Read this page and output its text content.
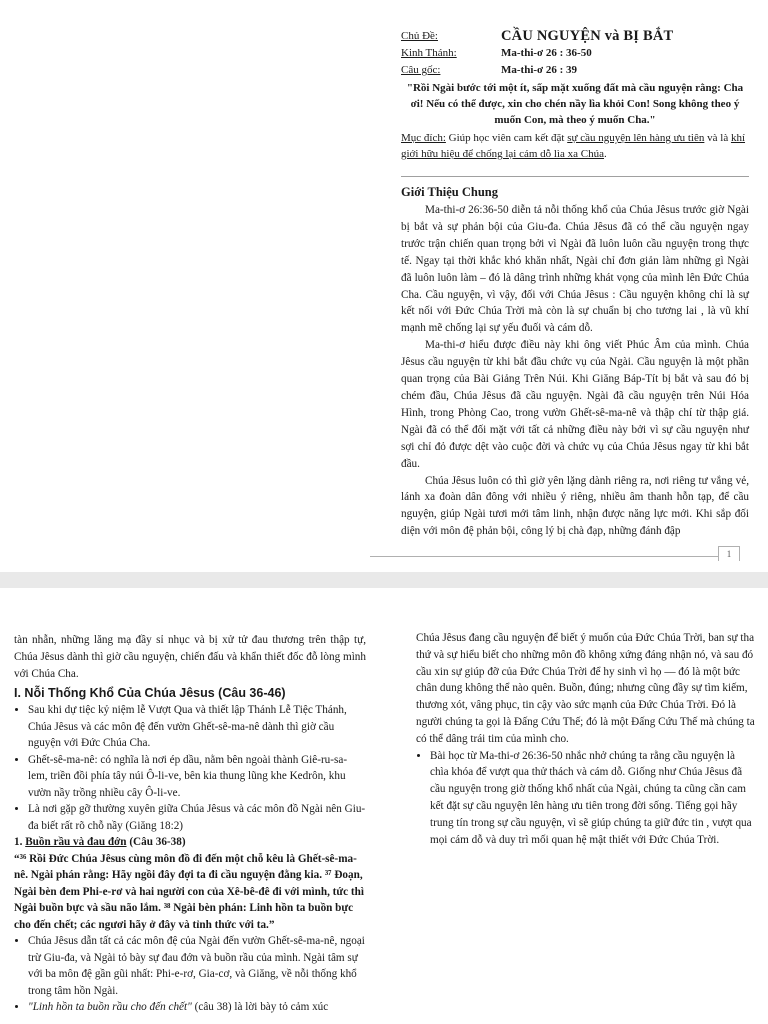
Chủ Đề:	CẦU NGUYỆN và BỊ BẮT
Kinh Thánh:	Ma-thi-ơ 26 : 36-50
Câu gốc:	Ma-thi-ơ 26 : 39
"Rồi Ngài bước tới một ít, sấp mặt xuống đất mà cầu nguyện rằng: Cha ơi! Nếu có thể được, xin cho chén nầy lìa khỏi Con! Song không theo ý muốn Con, mà theo ý muốn Cha."
Mục đích: Giúp học viên cam kết đặt sự cầu nguyện lên hàng ưu tiên và là khí giới hữu hiệu để chống lại cám dỗ lìa xa Chúa.
Giới Thiệu Chung

Ma-thi-ơ 26:36-50 diễn tả nỗi thống khổ của Chúa Jêsus trước giờ Ngài bị bắt và sự phản bội của Giu-đa. Chúa Jêsus đã có thể cầu nguyện ngay trước trận chiến quan trọng bởi vì Ngài đã luôn luôn cầu nguyện trong thực tế. Ngay tại thời khắc khó khăn nhất, Ngài chỉ đơn giản làm những gì Ngài đã luôn luôn làm – đó là dâng trình những khát vọng của mình lên Đức Chúa Cha. Cầu nguyện, vì vậy, đối với Chúa Jêsus : Cầu nguyện không chỉ là sự kết nối với Đức Chúa Trời mà còn là sự chuẩn bị cho tương lai , là vũ khí mạnh mẽ chống lại sự yếu đuối và cám dỗ.

Ma-thi-ơ hiểu được điều này khi ông viết Phúc Âm của mình. Chúa Jêsus cầu nguyện từ khi bắt đầu chức vụ của Ngài. Cầu nguyện là một phần quan trọng của Bài Giảng Trên Núi. Khi Giăng Báp-Tít bị bắt và sau đó bị chém đầu, Chúa Jêsus đã cầu nguyện. Ngài đã cầu nguyện trên Núi Hóa Hình, trong Phòng Cao, trong vườn Ghết-sê-ma-nê và thập chí từ thập giá. Ngài đã có thể đối mặt với tất cả những điều này bởi vì sự cầu nguyện như sợi chỉ đỏ được dệt vào cuộc đời và chức vụ của Chúa Jêsus ngay từ khi bắt đầu.

Chúa Jêsus luôn có thì giờ yên lặng dành riêng ra, nơi riêng tư vắng vẻ, lánh xa đoàn dân đông với nhiều ý riêng, nhiều âm thanh hỗn tạp, để cầu nguyện, giúp Ngài tươi mới tâm linh, nhận được năng lực mới. Khi sắp đối diện với môn đệ phản bội, công lý bị chà đạp, những đánh đập

1

tàn nhẫn, những lăng mạ đầy sỉ nhục và bị xử tử đau thương trên thập tự, Chúa Jêsus dành thì giờ cầu nguyện, chiến đấu và khẩn thiết đốc đỗ lòng mình với Chúa Cha.

I. Nỗi Thống Khổ Của Chúa Jêsus (Câu 36-46)
• Sau khi dự tiệc kỷ niệm lễ Vượt Qua và thiết lập Thánh Lễ Tiệc Thánh, Chúa Jêsus và các môn đệ đến vườn Ghết-sê-ma-nê dành thì giờ cầu nguyện với Đức Chúa Cha.
• Ghết-sê-ma-nê: có nghĩa là nơi ép dầu, nằm bên ngoài thành Giê-ru-sa-lem, triền đồi phía tây núi Ô-li-ve, bên kia thung lũng khe Kedrôn, khu vườn nầy trồng nhiều cây Ô-li-ve.
• Là nơi gặp gỡ thường xuyên giữa Chúa Jêsus và các môn đồ Ngài nên Giu-đa biết rất rõ chỗ nầy (Giăng 18:2)
1. Buồn rầu và đau đớn (Câu 36-38)

“³⁶ Rồi Đức Chúa Jêsus cùng môn đồ đi đến một chỗ kêu là Ghết-sê-ma-nê. Ngài phán rằng: Hãy ngồi đây đợi ta đi cầu nguyện đằng kia. ³⁷ Đoạn, Ngài bèn đem Phi-e-rơ và hai người con của Xê-bê-đê đi với mình, tức thì Ngài buồn bực và sầu não lắm. ³⁸ Ngài bèn phán: Linh hồn ta buồn bực cho đến chết; các ngươi hãy ở đây và tỉnh thức với ta.”

• Chúa Jêsus dẫn tất cả các môn đệ của Ngài đến vườn Ghết-sê-ma-nê, ngoại trừ Giu-đa, và Ngài tỏ bày sự đau đớn và buồn rầu của mình. Ngài tâm sự với ba môn đệ gần gũi nhất: Phi-e-rơ, Gia-cơ, và Giăng, về nỗi thống khổ trong tâm hồn Ngài.
• "Linh hồn ta buồn rầu cho đến chết" (câu 38) là lời bày tỏ cảm xúc

Chúa Jêsus đang cầu nguyện để biết ý muốn của Đức Chúa Trời, ban sự tha thứ và sự hiểu biết cho những môn đồ không xứng đáng nhận nó, và sau đó cầu xin sự giúp đỡ của Đức Chúa Trời để hy sinh vì họ — đó là một bức chân dung không thể nào quên. Buồn, đúng; nhưng cũng đầy sự tìm kiếm, thương xót, vâng phục, tin cậy vào sức mạnh của Đức Chúa Trời. Đó là người chúng ta gọi là Đấng Cứu Thế; đó là một Đấng Cứu Thế mà chúng ta có thể dâng trái tim của mình cho.

• Bài học từ Ma-thi-ơ 26:36-50 nhắc nhở chúng ta rằng cầu nguyện là chìa khóa để vượt qua thử thách và cám dỗ. Giống như Chúa Jêsus đã cầu nguyện trong giờ thống khổ nhất của Ngài, chúng ta cũng cần cam kết đặt sự cầu nguyện lên hàng ưu tiên trong đời sống. Tiếng gọi hãy trung tín trong sự cầu nguyện, vì sẽ giúp chúng ta giữ đức tin , vượt qua mọi cám dỗ và duy trì mối quan hệ mật thiết với Đức Chúa Trời.
